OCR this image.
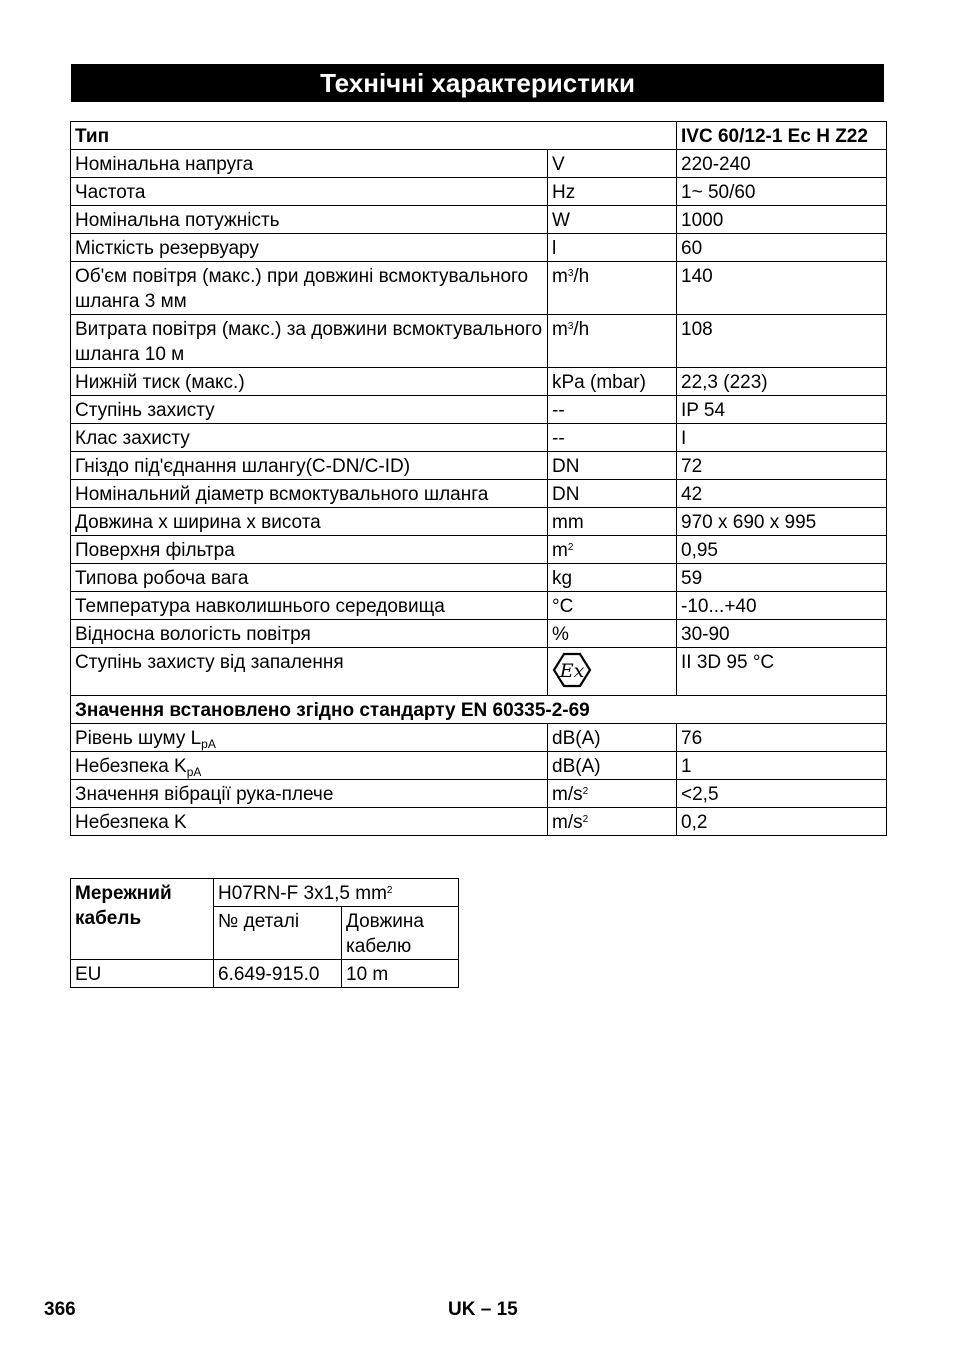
Технічні характеристики
Тип		IVC 60/12-1 Ec H Z22
Номінальна напруга	V	220-240
Частота	Hz	1~ 50/60
Номінальна потужність	W	1000
Місткість резервуару	l	60
Об'єм повітря (макс.) при довжині всмоктувального шланга 3 мм	$m^3/h$	140
Витрата повітря (макс.) за довжини всмоктувального шланга 10 м	$m^3/h$	108
Нижній тиск (макс.)	kPa (mbar)	22,3 (223)
Ступінь захисту	--	IP 54
Клас захисту	--	I
Гніздо під'єднання шлангу(C-DN/C-ID)	DN	72
Номінальний діаметр всмоктувального шланга	DN	42
Довжина x ширина x висота	mm	970 x 690 x 995
Поверхня фільтра	$m^2$	0,95
Типова робоча вага	kg	59
Температура навколишнього середовища	°C	-10...+40
Відносна вологість повітря	%	30-90
Ступінь захисту від запалення	Ex	II 3D 95 °C
Значення встановлено згідно стандарту EN 60335-2-69		
Рівень шуму $L_{pA}$	dB(A)	76
Небезпека $K_{pA}$	dB(A)	1
Значення вібрації рука-плече	$m/s^2$	<2,5
Небезпека K	$m/s^2$	0,2
Мережний кабель	H07RN-F 3x1,5 $mm^2$
	№ деталі	Довжина кабелю
EU	6.649-915.0	10 m
366	UK – 15
